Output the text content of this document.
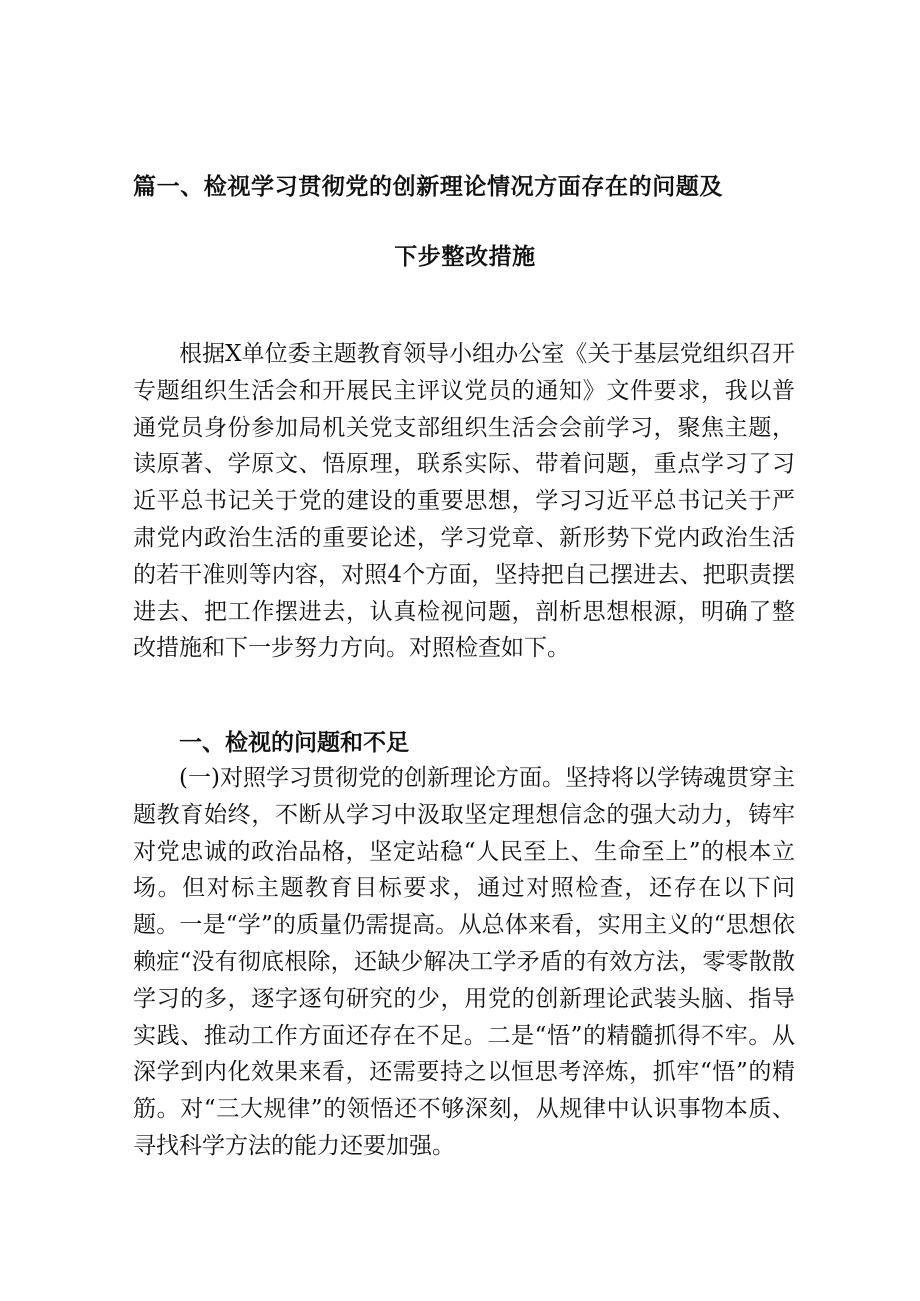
篇一、检视学习贯彻党的创新理论情况方面存在的问题及
下步整改措施

根据X单位委主题教育领导小组办公室《关于基层党组织召开专题组织生活会和开展民主评议党员的通知》文件要求，我以普通党员身份参加局机关党支部组织生活会会前学习，聚焦主题，读原著、学原文、悟原理，联系实际、带着问题，重点学习了习近平总书记关于党的建设的重要思想，学习习近平总书记关于严肃党内政治生活的重要论述，学习党章、新形势下党内政治生活的若干准则等内容，对照4个方面，坚持把自己摆进去、把职责摆进去、把工作摆进去，认真检视问题，剖析思想根源，明确了整改措施和下一步努力方向。对照检查如下。

一、检视的问题和不足

(一)对照学习贯彻党的创新理论方面。坚持将以学铸魂贯穿主题教育始终，不断从学习中汲取坚定理想信念的强大动力，铸牢对党忠诚的政治品格，坚定站稳“人民至上、生命至上”的根本立场。但对标主题教育目标要求，通过对照检查，还存在以下问题。一是“学”的质量仍需提高。从总体来看，实用主义的“思想依赖症“没有彻底根除，还缺少解决工学矛盾的有效方法，零零散散学习的多，逐字逐句研究的少，用党的创新理论武装头脑、指导实践、推动工作方面还存在不足。二是“悟”的精髓抓得不牢。从深学到内化效果来看，还需要持之以恒思考淬炼，抓牢“悟”的精筋。对“三大规律”的领悟还不够深刻，从规律中认识事物本质、寻找科学方法的能力还要加强。
